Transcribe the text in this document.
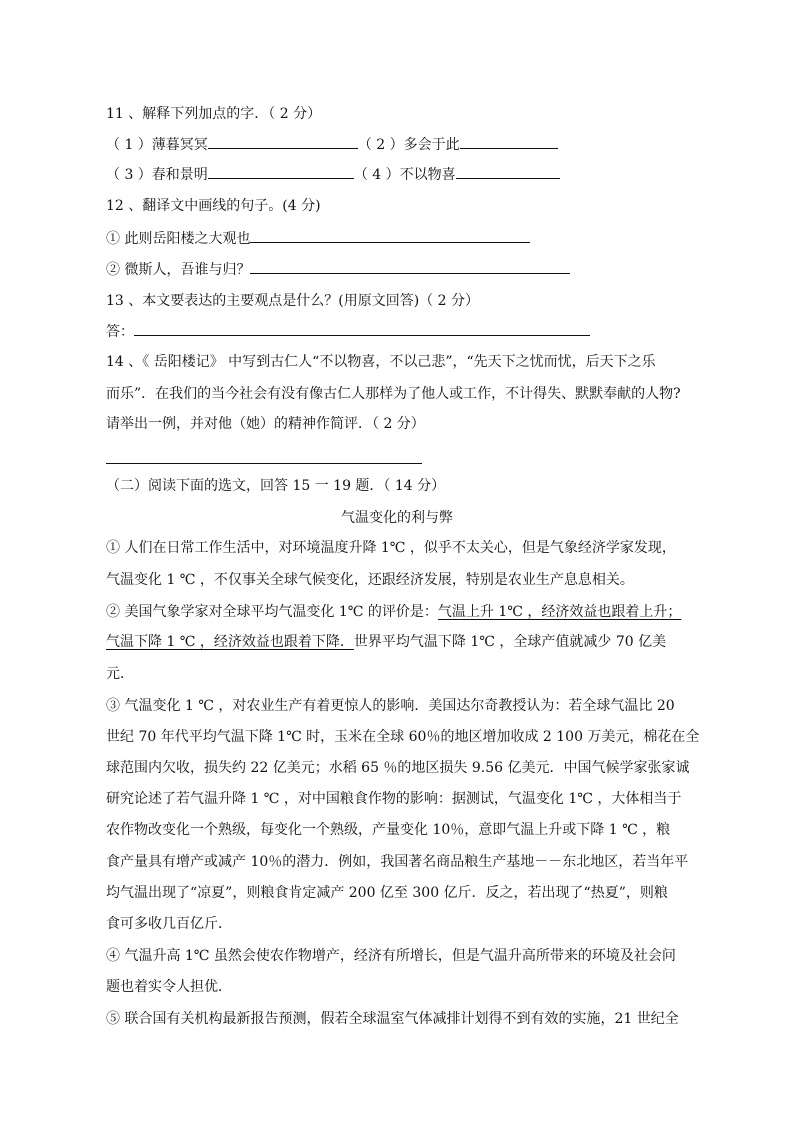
11 、解释下列加点的字．（ 2 分）
（ 1 ）薄暮冥冥	（ 2 ）多会于此
（ 3 ）春和景明	（ 4 ）不以物喜
12 、翻译文中画线的句子。(4 分)
① 此则岳阳楼之大观也
② 微斯人，吾谁与归？
13 、本文要表达的主要观点是什么？(用原文回答)（ 2 分）
答：
14 、《 岳阳楼记》 中写到古仁人“不以物喜，不以己悲”，“先天下之忧而忧，后天下之乐
而乐”．在我们的当今社会有没有像古仁人那样为了他人或工作，不计得失、默默奉献的人物?
请举出一例，并对他（她）的精神作简评．（ 2 分）
（二）阅读下面的选文，回答 15 一 19 题．（ 14 分）
气温变化的利与弊
① 人们在日常工作生活中，对环境温度升降 1℃ ，似乎不太关心，但是气象经济学家发现，
气温变化 1 ℃ ，不仅事关全球气候变化，还跟经济发展，特别是农业生产息息相关。
② 美国气象学家对全球平均气温变化 1℃ 的评价是：气温上升 1℃ ，经济效益也跟着上升；
气温下降 1 ℃ ，经济效益也跟着下降．世界平均气温下降 1℃ ，全球产值就减少 70 亿美
元．
③ 气温变化 1 ℃ ，对农业生产有着更惊人的影响．美国达尔奇教授认为：若全球气温比 20
世纪 70 年代平均气温下降 1℃ 时，玉米在全球 60％的地区增加收成 2 100 万美元，棉花在全
球范围内欠收，损失约 22 亿美元；水稻 65 ％的地区损失 9.56 亿美元．中国气候学家张家诚
研究论述了若气温升降 1 ℃ ，对中国粮食作物的影响：据测试，气温变化 1℃ ，大体相当于
农作物改变化一个熟级，每变化一个熟级，产量变化 10％，意即气温上升或下降 1 ℃ ，粮
食产量具有增产或减产 10％的潜力．例如，我国著名商品粮生产基地－－东北地区，若当年平
均气温出现了“凉夏”，则粮食肯定减产 200 亿至 300 亿斤．反之，若出现了“热夏”，则粮
食可多收几百亿斤．
④ 气温升高 1℃ 虽然会使农作物增产，经济有所增长，但是气温升高所带来的环境及社会问
题也着实令人担优．
⑤ 联合国有关机构最新报告预测，假若全球温室气体减排计划得不到有效的实施，21 世纪全
